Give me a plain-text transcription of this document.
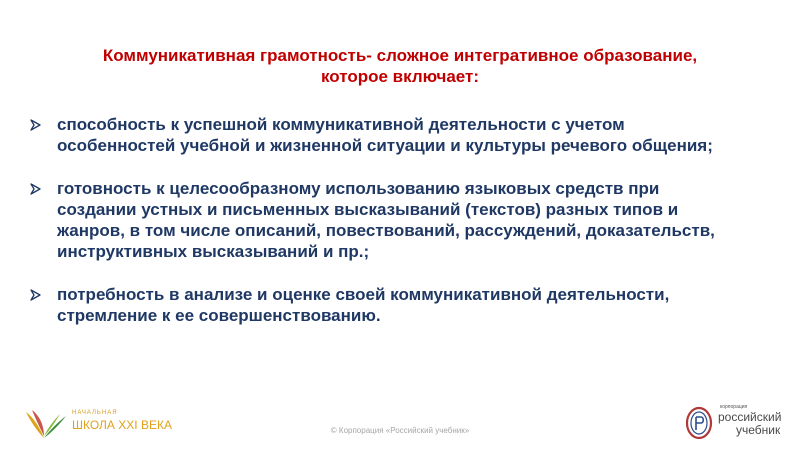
Коммуникативная грамотность- сложное интегративное образование,
которое включает:
способность к успешной коммуникативной деятельности с учетом
особенностей учебной и жизненной ситуации и культуры речевого общения;
готовность к целесообразному использованию языковых средств при
создании устных и письменных высказываний (текстов) разных типов и
жанров, в том числе описаний, повествований, рассуждений, доказательств,
инструктивных высказываний и пр.;
потребность в анализе и оценке своей коммуникативной деятельности,
стремление к ее совершенствованию.
НАЧАЛЬНАЯ
ШКОЛА XXI ВЕКА	© Корпорация «Российский учебник»
корпорация
российский
учебник
